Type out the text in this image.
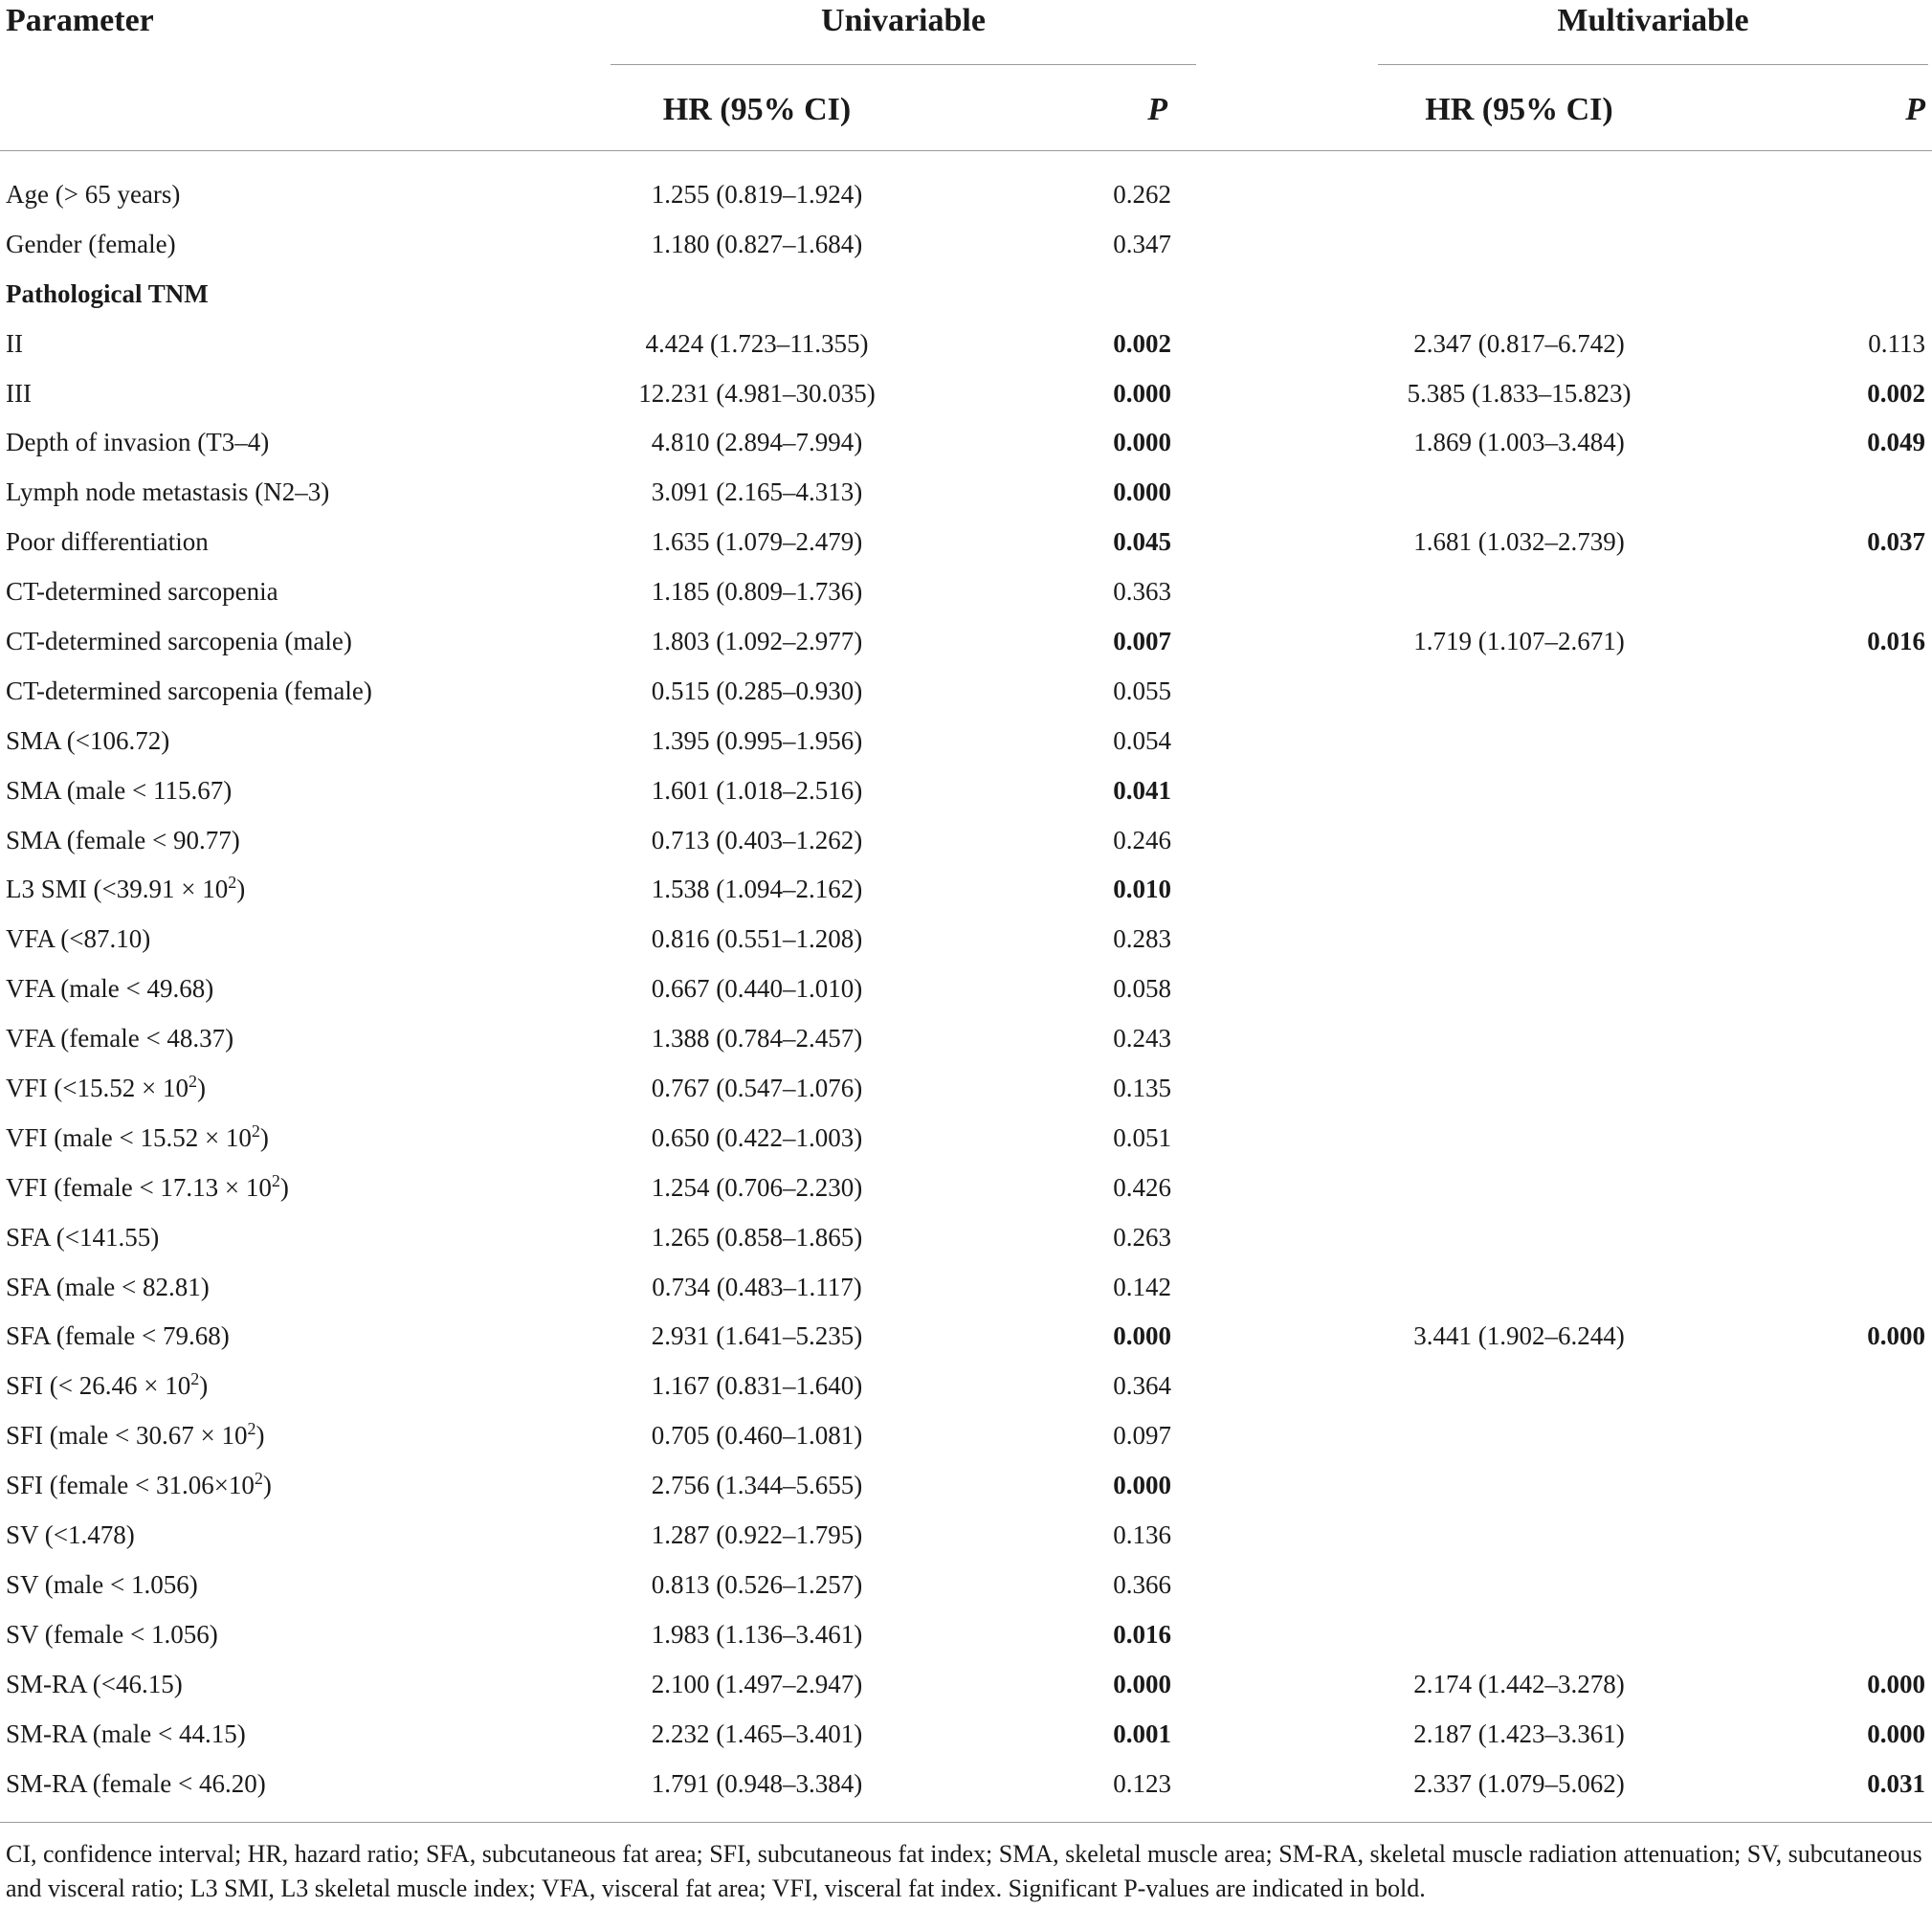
Parameter	Univariable	Multivariable
HR (95% CI)	P	HR (95% CI)	P
Age (> 65 years)	1.255 (0.819–1.924)	0.262
Gender (female)	1.180 (0.827–1.684)	0.347
Pathological TNM
II	4.424 (1.723–11.355)	0.002	2.347 (0.817–6.742)	0.113
III	12.231 (4.981–30.035)	0.000	5.385 (1.833–15.823)	0.002
Depth of invasion (T3–4)	4.810 (2.894–7.994)	0.000	1.869 (1.003–3.484)	0.049
Lymph node metastasis (N2–3)	3.091 (2.165–4.313)	0.000
Poor differentiation	1.635 (1.079–2.479)	0.045	1.681 (1.032–2.739)	0.037
CT-determined sarcopenia	1.185 (0.809–1.736)	0.363
CT-determined sarcopenia (male)	1.803 (1.092–2.977)	0.007	1.719 (1.107–2.671)	0.016
CT-determined sarcopenia (female)	0.515 (0.285–0.930)	0.055
SMA (<106.72)	1.395 (0.995–1.956)	0.054
SMA (male < 115.67)	1.601 (1.018–2.516)	0.041
SMA (female < 90.77)	0.713 (0.403–1.262)	0.246
L3 SMI $(<39.91 \times 10^2)$	1.538 (1.094–2.162)	0.010
VFA (<87.10)	0.816 (0.551–1.208)	0.283
VFA (male < 49.68)	0.667 (0.440–1.010)	0.058
VFA (female < 48.37)	1.388 (0.784–2.457)	0.243
VFI $(<15.52 \times 10^2)$	0.767 (0.547–1.076)	0.135
VFI (male < $15.52 \times 10^2$)	0.650 (0.422–1.003)	0.051
VFI (female < $17.13 \times 10^2$)	1.254 (0.706–2.230)	0.426
SFA (<141.55)	1.265 (0.858–1.865)	0.263
SFA (male < 82.81)	0.734 (0.483–1.117)	0.142
SFA (female < 79.68)	2.931 (1.641–5.235)	0.000	3.441 (1.902–6.244)	0.000
SFI (< $26.46 \times 10^2$)	1.167 (0.831–1.640)	0.364
SFI (male < $30.67 \times 10^2$)	0.705 (0.460–1.081)	0.097
SFI (female < $31.06\times 10^2$)	2.756 (1.344–5.655)	0.000
SV (<1.478)	1.287 (0.922–1.795)	0.136
SV (male < 1.056)	0.813 (0.526–1.257)	0.366
SV (female < 1.056)	1.983 (1.136–3.461)	0.016
SM-RA (<46.15)	2.100 (1.497–2.947)	0.000	2.174 (1.442–3.278)	0.000
SM-RA (male < 44.15)	2.232 (1.465–3.401)	0.001	2.187 (1.423–3.361)	0.000
SM-RA (female < 46.20)	1.791 (0.948–3.384)	0.123	2.337 (1.079–5.062)	0.031
CI, confidence interval; HR, hazard ratio; SFA, subcutaneous fat area; SFI, subcutaneous fat index; SMA, skeletal muscle area; SM-RA, skeletal muscle radiation attenuation; SV, subcutaneous and visceral ratio; L3 SMI, L3 skeletal muscle index; VFA, visceral fat area; VFI, visceral fat index. Significant P-values are indicated in bold.
